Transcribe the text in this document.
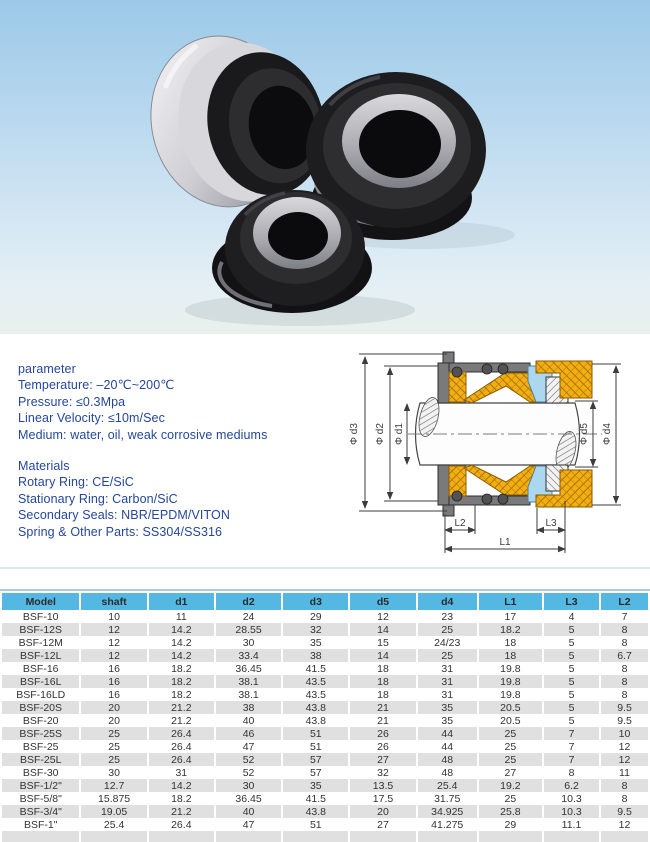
parameter
Temperature: –20℃~200℃
Pressure: ≤0.3Mpa
Linear Velocity: ≤10m/Sec
Medium: water, oil, weak corrosive mediums
Materials
Rotary Ring: CE/SiC
Stationary Ring: Carbon/SiC
Secondary Seals: NBR/EPDM/VITON
Spring & Other Parts: SS304/SS316
Φ d3 Φ d2 Φ d1	Φ d5 Φ d4
L2	L3
L1
Model	shaft	d1	d2	d3	d5	d4	L1	L3	L2
BSF-10	10	11	24	29	12	23	17	4	7
BSF-12S	12	14.2	28.55	32	14	25	18.2	5	8
BSF-12M	12	14.2	30	35	15	24/23	18	5	8
BSF-12L	12	14.2	33.4	38	14	25	18	5	6.7
BSF-16	16	18.2	36.45	41.5	18	31	19.8	5	8
BSF-16L	16	18.2	38.1	43.5	18	31	19.8	5	8
BSF-16LD	16	18.2	38.1	43.5	18	31	19.8	5	8
BSF-20S	20	21.2	38	43.8	21	35	20.5	5	9.5
BSF-20	20	21.2	40	43.8	21	35	20.5	5	9.5
BSF-25S	25	26.4	46	51	26	44	25	7	10
BSF-25	25	26.4	47	51	26	44	25	7	12
BSF-25L	25	26.4	52	57	27	48	25	7	12
BSF-30	30	31	52	57	32	48	27	8	11
BSF-1/2"	12.7	14.2	30	35	13.5	25.4	19.2	6.2	8
BSF-5/8"	15.875	18.2	36.45	41.5	17.5	31.75	25	10.3	8
BSF-3/4"	19.05	21.2	40	43.8	20	34.925	25.8	10.3	9.5
BSF-1"	25.4	26.4	47	51	27	41.275	29	11.1	12
